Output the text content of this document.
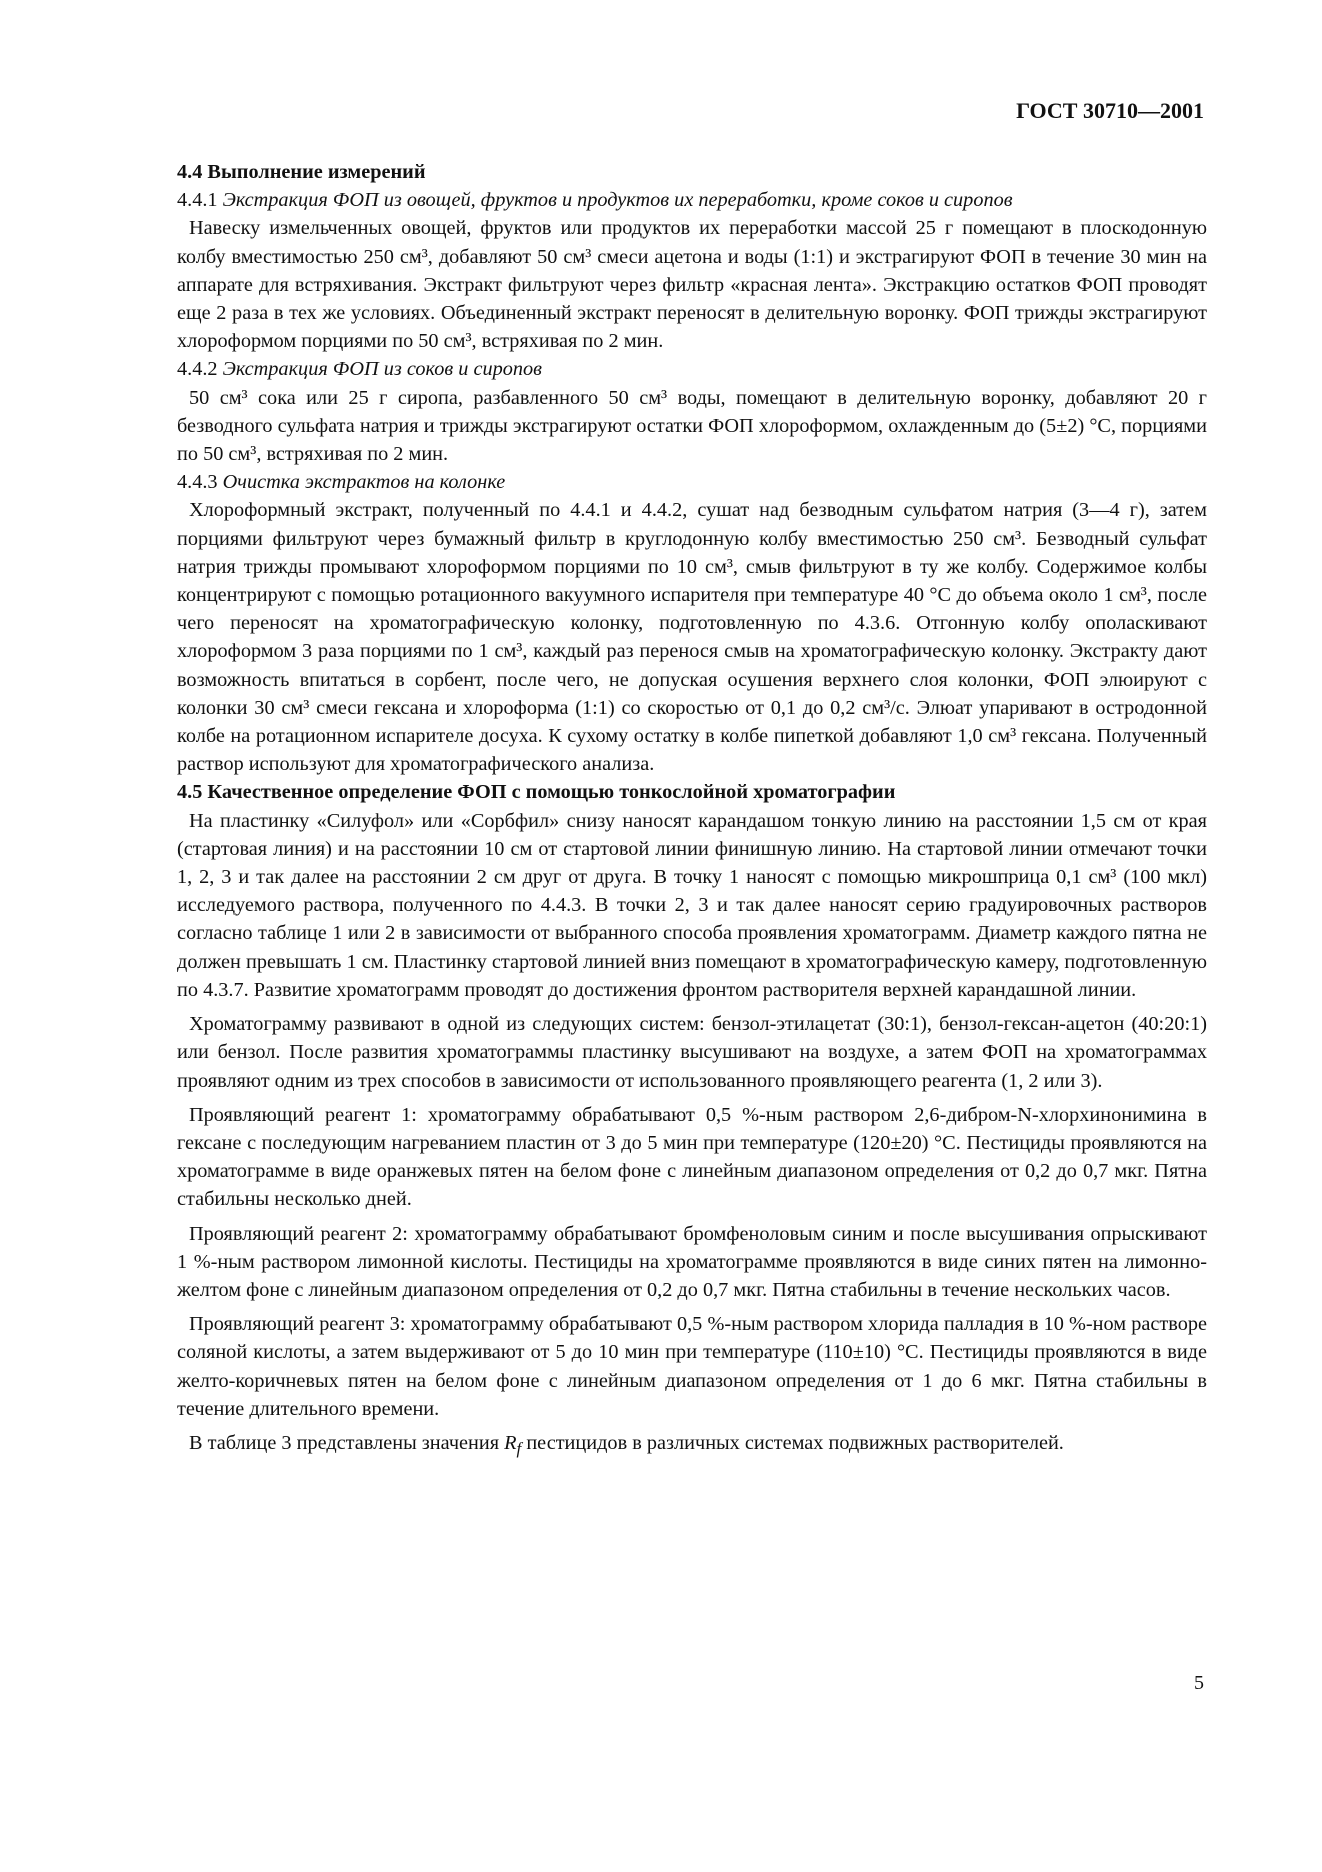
ГОСТ 30710—2001

4.4 Выполнение измерений

4.4.1 Экстракция ФОП из овощей, фруктов и продуктов их переработки, кроме соков и сиропов

Навеску измельченных овощей, фруктов или продуктов их переработки массой 25 г помещают в плоскодонную колбу вместимостью 250 см³, добавляют 50 см³ смеси ацетона и воды (1:1) и экстрагируют ФОП в течение 30 мин на аппарате для встряхивания. Экстракт фильтруют через фильтр «красная лента». Экстракцию остатков ФОП проводят еще 2 раза в тех же условиях. Объединенный экстракт переносят в делительную воронку. ФОП трижды экстрагируют хлороформом порциями по 50 см³, встряхивая по 2 мин.

4.4.2 Экстракция ФОП из соков и сиропов

50 см³ сока или 25 г сиропа, разбавленного 50 см³ воды, помещают в делительную воронку, добавляют 20 г безводного сульфата натрия и трижды экстрагируют остатки ФОП хлороформом, охлажденным до (5±2) °С, порциями по 50 см³, встряхивая по 2 мин.

4.4.3 Очистка экстрактов на колонке

Хлороформный экстракт, полученный по 4.4.1 и 4.4.2, сушат над безводным сульфатом натрия (3—4 г), затем порциями фильтруют через бумажный фильтр в круглодонную колбу вместимостью 250 см³. Безводный сульфат натрия трижды промывают хлороформом порциями по 10 см³, смыв фильтруют в ту же колбу. Содержимое колбы концентрируют с помощью ротационного вакуумного испарителя при температуре 40 °С до объема около 1 см³, после чего переносят на хроматографическую колонку, подготовленную по 4.3.6. Отгонную колбу ополаскивают хлороформом 3 раза порциями по 1 см³, каждый раз перенося смыв на хроматографическую колонку. Экстракту дают возможность впитаться в сорбент, после чего, не допуская осушения верхнего слоя колонки, ФОП элюируют с колонки 30 см³ смеси гексана и хлороформа (1:1) со скоростью от 0,1 до 0,2 см³/с. Элюат упаривают в остродонной колбе на ротационном испарителе досуха. К сухому остатку в колбе пипеткой добавляют 1,0 см³ гексана. Полученный раствор используют для хроматографического анализа.

4.5 Качественное определение ФОП с помощью тонкослойной хроматографии

На пластинку «Силуфол» или «Сорбфил» снизу наносят карандашом тонкую линию на расстоянии 1,5 см от края (стартовая линия) и на расстоянии 10 см от стартовой линии финишную линию. На стартовой линии отмечают точки 1, 2, 3 и так далее на расстоянии 2 см друг от друга. В точку 1 наносят с помощью микрошприца 0,1 см³ (100 мкл) исследуемого раствора, полученного по 4.4.3. В точки 2, 3 и так далее наносят серию градуировочных растворов согласно таблице 1 или 2 в зависимости от выбранного способа проявления хроматограмм. Диаметр каждого пятна не должен превышать 1 см. Пластинку стартовой линией вниз помещают в хроматографическую камеру, подготовленную по 4.3.7. Развитие хроматограмм проводят до достижения фронтом растворителя верхней карандашной линии.

Хроматограмму развивают в одной из следующих систем: бензол-этилацетат (30:1), бензол-гексан-ацетон (40:20:1) или бензол. После развития хроматограммы пластинку высушивают на воздухе, а затем ФОП на хроматограммах проявляют одним из трех способов в зависимости от использованного проявляющего реагента (1, 2 или 3).

Проявляющий реагент 1: хроматограмму обрабатывают 0,5 %-ным раствором 2,6-дибром-N-хлорхинонимина в гексане с последующим нагреванием пластин от 3 до 5 мин при температуре (120±20) °С. Пестициды проявляются на хроматограмме в виде оранжевых пятен на белом фоне с линейным диапазоном определения от 0,2 до 0,7 мкг. Пятна стабильны несколько дней.

Проявляющий реагент 2: хроматограмму обрабатывают бромфеноловым синим и после высушивания опрыскивают 1 %-ным раствором лимонной кислоты. Пестициды на хроматограмме проявляются в виде синих пятен на лимонно-желтом фоне с линейным диапазоном определения от 0,2 до 0,7 мкг. Пятна стабильны в течение нескольких часов.

Проявляющий реагент 3: хроматограмму обрабатывают 0,5 %-ным раствором хлорида палладия в 10 %-ном растворе соляной кислоты, а затем выдерживают от 5 до 10 мин при температуре (110±10) °С. Пестициды проявляются в виде желто-коричневых пятен на белом фоне с линейным диапазоном определения от 1 до 6 мкг. Пятна стабильны в течение длительного времени.

В таблице 3 представлены значения $R_f$ пестицидов в различных системах подвижных растворителей.

5
